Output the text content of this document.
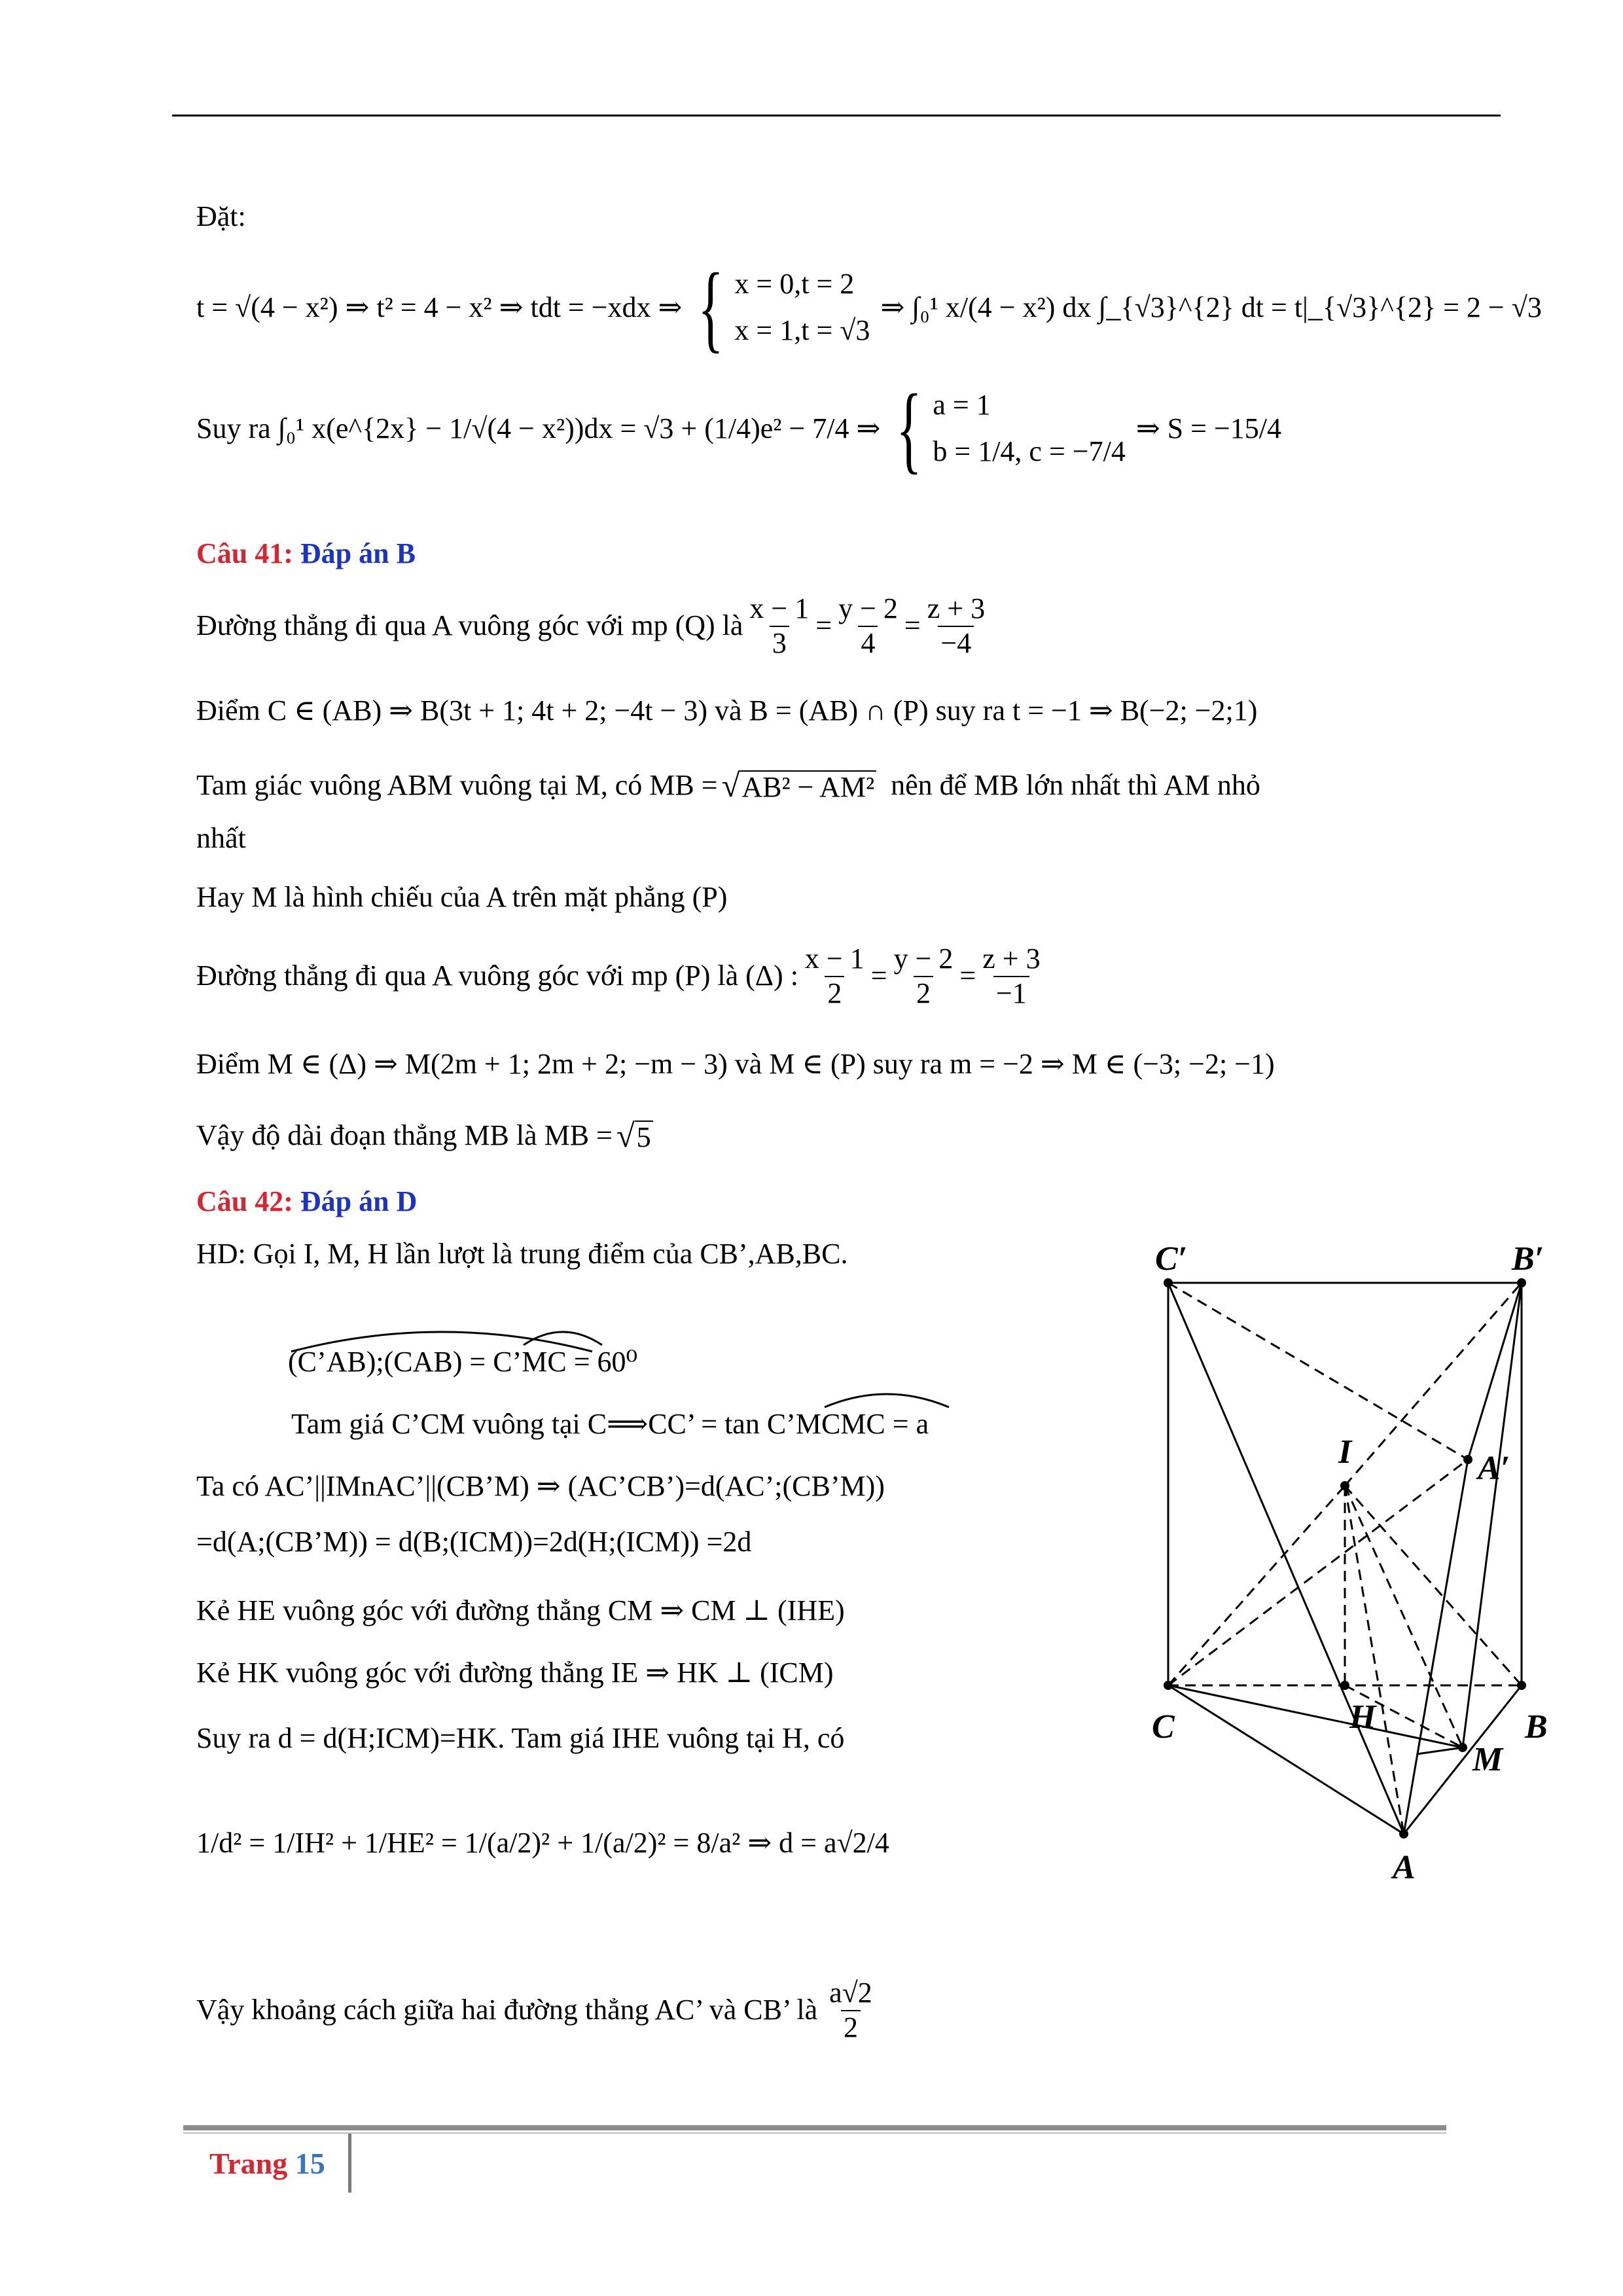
Đặt:
t = √(4 − x²) ⇒ t² = 4 − x² ⇒ tdt = −xdx ⇒ { x = 0,t = 2
x = 1,t = √3
⇒ ∫₀¹ x/(4 − x²) dx ∫_{√3}^{2} dt = t|_{√3}^{2} = 2 − √3
Suy ra ∫₀¹ x(e^{2x} − 1/√(4 − x²))dx = √3 + (1/4)e² − 7/4 ⇒ { a = 1
b = 1/4, c = −7/4
⇒ S = −15/4
Câu 41: Đáp án B
Đường thẳng đi qua A vuông góc với mp (Q) là $\frac{x - 1}{3} = \frac{y - 2}{4} = \frac{z + 3}{-4}$
Điểm C ∈ (AB) ⇒ B(3t + 1; 4t + 2; −4t − 3) và B = (AB) ∩ (P) suy ra t = −1 ⇒ B(−2; −2;1)
Tam giác vuông ABM vuông tại M, có MB = √AB² − AM² nên để MB lớn nhất thì AM nhỏ
nhất
Hay M là hình chiếu của A trên mặt phẳng (P)
Đường thẳng đi qua A vuông góc với mp (P) là (Δ) : $\frac{x - 1}{2} = \frac{y - 2}{2} = \frac{z + 3}{-1}$
Điểm M ∈ (Δ) ⇒ M(2m + 1; 2m + 2; −m − 3) và M ∈ (P) suy ra m = −2 ⇒ M ∈ (−3; −2; −1)
Vậy độ dài đoạn thẳng MB là MB = √5
Câu 42: Đáp án D
HD: Gọi I, M, H lần lượt là trung điểm của CB’,AB,BC.
(C’AB);(CAB) = C’MC = 60⁰
Tam giá C’CM vuông tại C⟹CC’ = tan C’MCMC = a
Ta có AC’||IMnAC’||(CB’M) ⇒ (AC’CB’)=d(AC’;(CB’M))
=d(A;(CB’M)) = d(B;(ICM))=2d(H;(ICM)) =2d
Kẻ HE vuông góc với đường thẳng CM ⇒ CM ⊥ (IHE)
Kẻ HK vuông góc với đường thẳng IE ⇒ HK ⊥ (ICM)
Suy ra d = d(H;ICM)=HK. Tam giá IHE vuông tại H, có
1/d² = 1/IH² + 1/HE² = 1/(a/2)² + 1/(a/2)² = 8/a² ⇒ d = a√2/4
Vậy khoảng cách giữa hai đường thẳng AC’ và CB’ là $\frac{a√2}{2}$
C′	B′
I	A′
C	H	B
M
A
Trang 15
